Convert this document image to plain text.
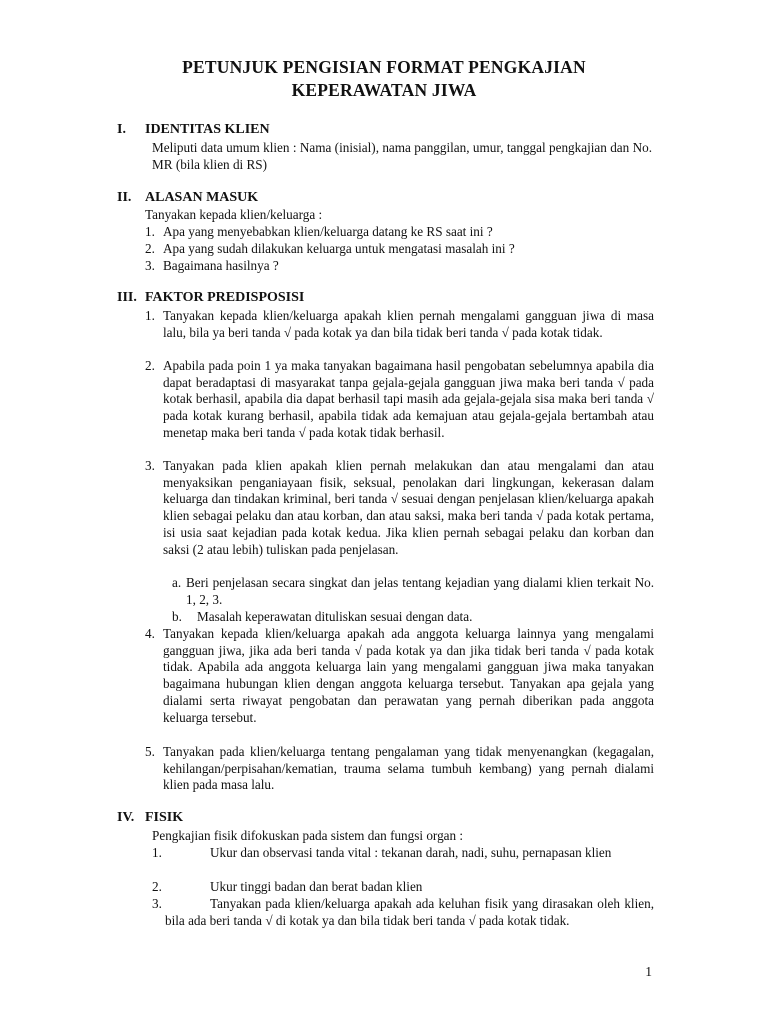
PETUNJUK PENGISIAN FORMAT PENGKAJIAN
KEPERAWATAN JIWA
I. IDENTITAS KLIEN
Meliputi data umum klien : Nama (inisial), nama panggilan, umur, tanggal pengkajian dan No. MR (bila klien di RS)
II. ALASAN MASUK
Tanyakan kepada klien/keluarga :
1. Apa yang menyebabkan klien/keluarga datang ke RS saat ini ?
2. Apa yang sudah dilakukan keluarga untuk mengatasi masalah ini ?
3. Bagaimana hasilnya ?
III. FAKTOR PREDISPOSISI
1. Tanyakan kepada klien/keluarga apakah klien pernah mengalami gangguan jiwa di masa lalu, bila ya beri tanda √ pada kotak ya dan bila tidak beri tanda √ pada kotak tidak.
2. Apabila pada poin 1 ya maka tanyakan bagaimana hasil pengobatan sebelumnya apabila dia dapat beradaptasi di masyarakat tanpa gejala-gejala gangguan jiwa maka beri tanda √ pada kotak berhasil, apabila dia dapat berhasil tapi masih ada gejala-gejala sisa maka beri tanda √ pada kotak kurang berhasil, apabila tidak ada kemajuan atau gejala-gejala bertambah atau menetap maka beri tanda √ pada kotak tidak berhasil.
3. Tanyakan pada klien apakah klien pernah melakukan dan atau mengalami dan atau menyaksikan penganiayaan fisik, seksual, penolakan dari lingkungan, kekerasan dalam keluarga dan tindakan kriminal, beri tanda √ sesuai dengan penjelasan klien/keluarga apakah klien sebagai pelaku dan atau korban, dan atau saksi, maka beri tanda √ pada kotak pertama, isi usia saat kejadian pada kotak kedua. Jika klien pernah sebagai pelaku dan korban dan saksi (2 atau lebih) tuliskan pada penjelasan.
a. Beri penjelasan secara singkat dan jelas tentang kejadian yang dialami klien terkait No. 1, 2, 3.
b. Masalah keperawatan dituliskan sesuai dengan data.
4. Tanyakan kepada klien/keluarga apakah ada anggota keluarga lainnya yang mengalami gangguan jiwa, jika ada beri tanda √ pada kotak ya dan jika tidak beri tanda √ pada kotak tidak. Apabila ada anggota keluarga lain yang mengalami gangguan jiwa maka tanyakan bagaimana hubungan klien dengan anggota keluarga tersebut. Tanyakan apa gejala yang dialami serta riwayat pengobatan dan perawatan yang pernah diberikan pada anggota keluarga tersebut.
5. Tanyakan pada klien/keluarga tentang pengalaman yang tidak menyenangkan (kegagalan, kehilangan/perpisahan/kematian, trauma selama tumbuh kembang) yang pernah dialami klien pada masa lalu.
IV. FISIK
Pengkajian fisik difokuskan pada sistem dan fungsi organ :
1.	Ukur dan observasi tanda vital : tekanan darah, nadi, suhu, pernapasan klien
2.	Ukur tinggi badan dan berat badan klien
3.	Tanyakan pada klien/keluarga apakah ada keluhan fisik yang dirasakan oleh klien, bila ada beri tanda √ di kotak ya dan bila tidak beri tanda √ pada kotak tidak.
1
